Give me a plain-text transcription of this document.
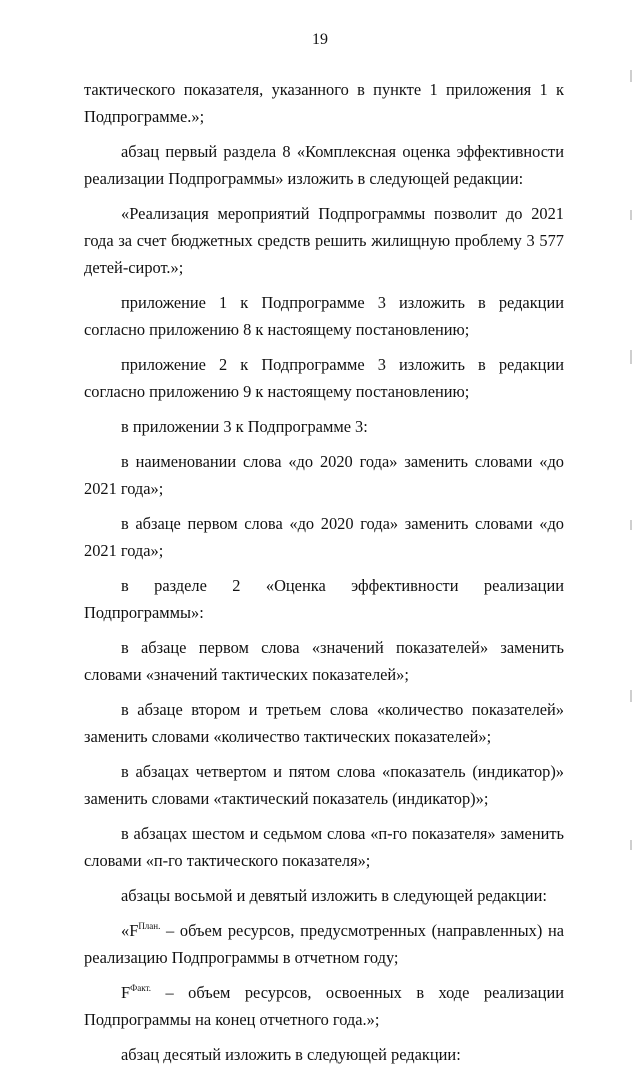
19

тактического показателя, указанного в пункте 1 приложения 1 к Подпрограмме.»;

абзац первый раздела 8 «Комплексная оценка эффективности реализации Подпрограммы» изложить в следующей редакции:

«Реализация мероприятий Подпрограммы позволит до 2021 года за счет бюджетных средств решить жилищную проблему 3 577 детей-сирот.»;

приложение 1 к Подпрограмме 3 изложить в редакции согласно приложению 8 к настоящему постановлению;

приложение 2 к Подпрограмме 3 изложить в редакции согласно приложению 9 к настоящему постановлению;

в приложении 3 к Подпрограмме 3:

в наименовании слова «до 2020 года» заменить словами «до 2021 года»;

в абзаце первом слова «до 2020 года» заменить словами «до 2021 года»;

в разделе 2 «Оценка эффективности реализации Подпрограммы»:

в абзаце первом слова «значений показателей» заменить словами «значений тактических показателей»;

в абзаце втором и третьем слова «количество показателей» заменить словами «количество тактических показателей»;

в абзацах четвертом и пятом слова «показатель (индикатор)» заменить словами «тактический показатель (индикатор)»;

в абзацах шестом и седьмом слова «п-го показателя» заменить словами «п-го тактического показателя»;

абзацы восьмой и девятый изложить в следующей редакции:

«$F^{План.}$ – объем ресурсов, предусмотренных (направленных) на реализацию Подпрограммы в отчетном году;

$F^{Факт.}$ – объем ресурсов, освоенных в ходе реализации Подпрограммы на конец отчетного года.»;

абзац десятый изложить в следующей редакции:
